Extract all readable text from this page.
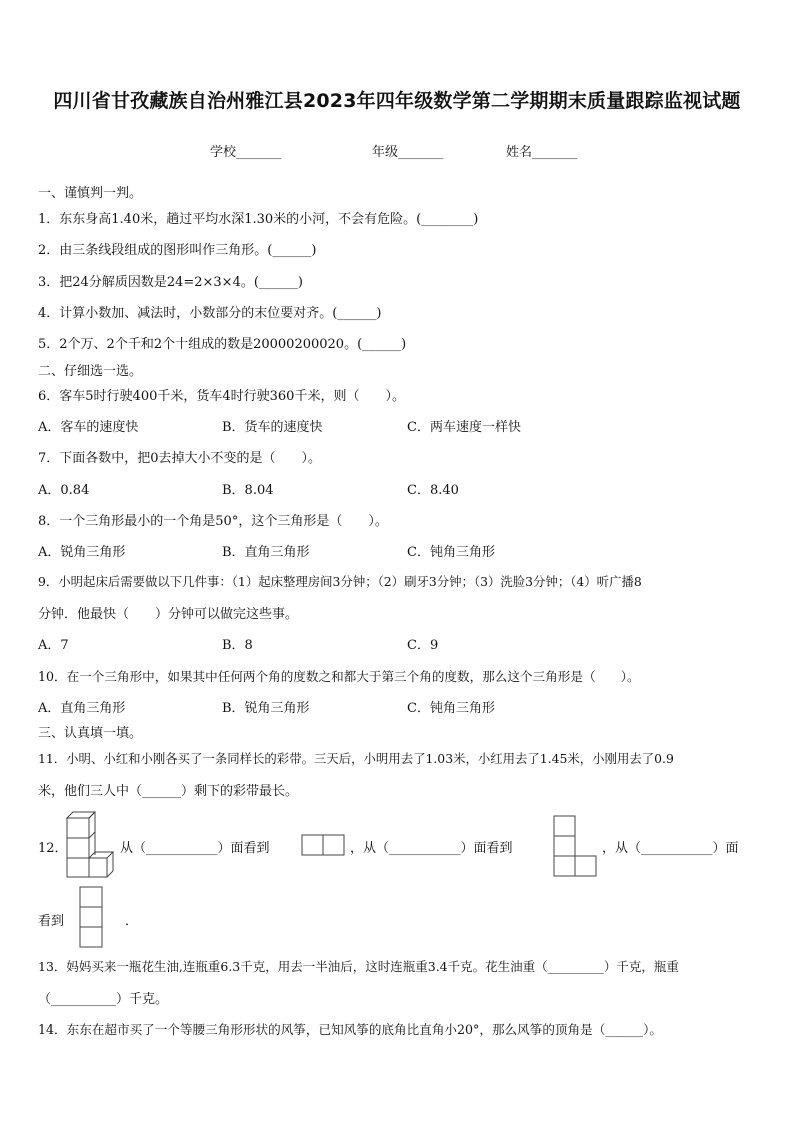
四川省甘孜藏族自治州雅江县2023年四年级数学第二学期期末质量跟踪监视试题
学校_______	年级_______	姓名_______
一、谨慎判一判。
1．东东身高1.40米，趟过平均水深1.30米的小河，不会有危险。(________)
2．由三条线段组成的图形叫作三角形。(______)
3．把24分解质因数是24=2×3×4。(______)
4．计算小数加、减法时，小数部分的末位要对齐。(______)
5．2个万、2个千和2个十组成的数是20000200020。(______)
二、仔细选一选。
6．客车5时行驶400千米，货车4时行驶360千米，则（　　）。
A．客车的速度快	B．货车的速度快	C．两车速度一样快
7．下面各数中，把0去掉大小不变的是（　　）。
A．0.84	B．8.04	C．8.40
8．一个三角形最小的一个角是50°，这个三角形是（　　）。
A．锐角三角形	B．直角三角形	C．钝角三角形
9．小明起床后需要做以下几件事：（1）起床整理房间3分钟；（2）刷牙3分钟；（3）洗脸3分钟；（4）听广播8
分钟．他最快（　　）分钟可以做完这些事。
A．7	B．8	C．9
10．在一个三角形中，如果其中任何两个角的度数之和都大于第三个角的度数，那么这个三角形是（　　）。
A．直角三角形	B．锐角三角形	C．钝角三角形
三、认真填一填。
11．小明、小红和小刚各买了一条同样长的彩带。三天后，小明用去了1.03米，小红用去了1.45米，小刚用去了0.9
米，他们三人中（______）剩下的彩带最长。
12．	从（___________）面看到	，从（___________）面看到	，从（___________）面
看到	．
13．妈妈买来一瓶花生油,连瓶重6.3千克，用去一半油后，这时连瓶重3.4千克。花生油重（_________）千克，瓶重
（__________）千克。
14．东东在超市买了一个等腰三角形形状的风筝，已知风筝的底角比直角小20°，那么风筝的顶角是（______）。
